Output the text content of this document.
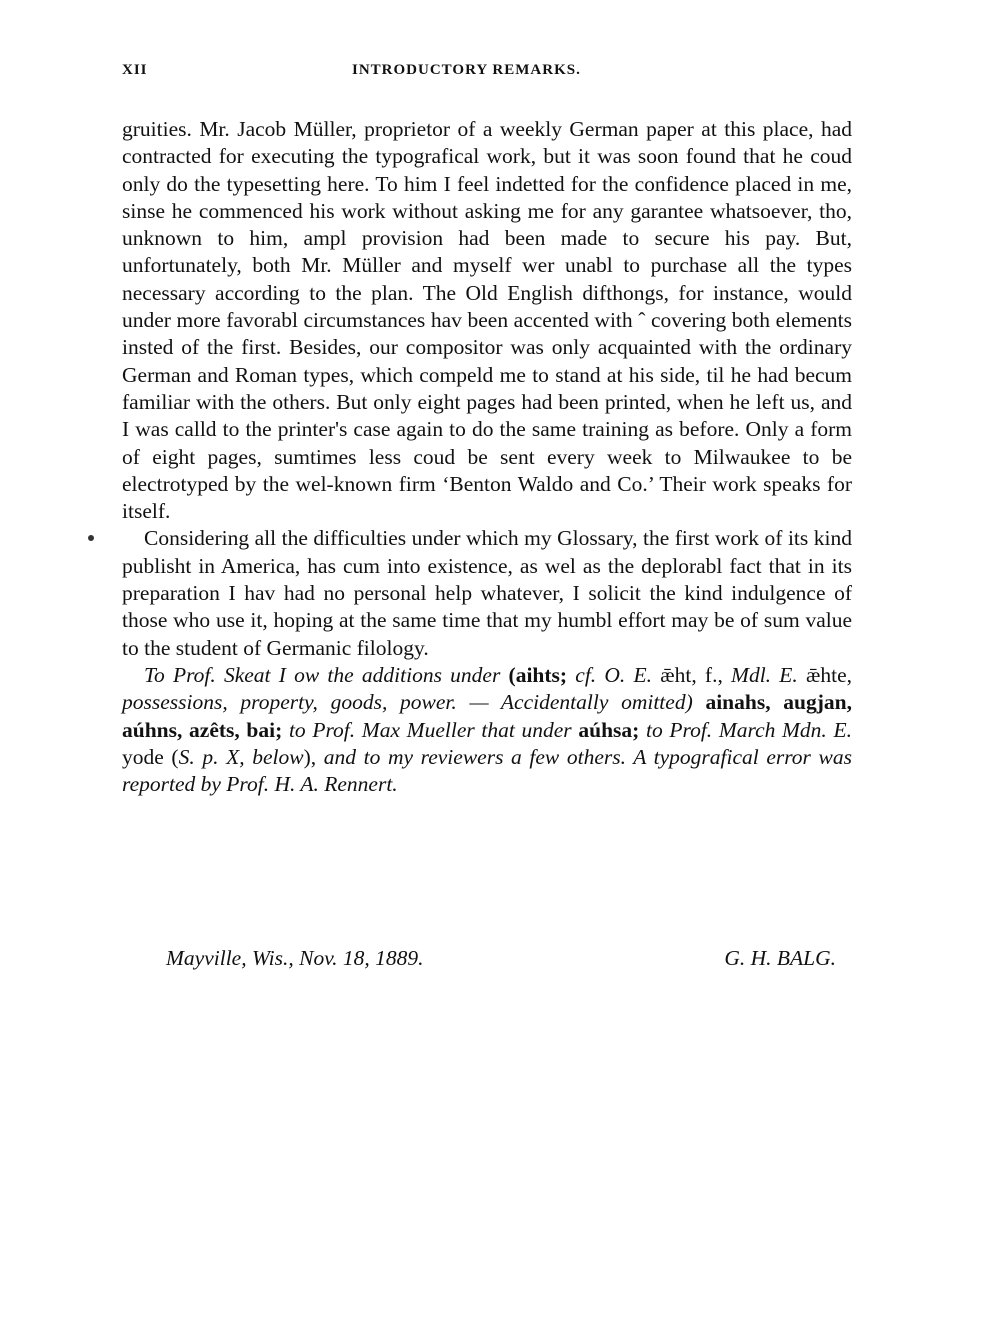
XII	INTRODUCTORY REMARKS.

gruities. Mr. Jacob Müller, proprietor of a weekly German paper at this place, had contracted for executing the typografical work, but it was soon found that he coud only do the typesetting here. To him I feel indetted for the confidence placed in me, sinse he commenced his work without asking me for any garantee whatsoever, tho, unknown to him, ampl provision had been made to secure his pay. But, unfortunately, both Mr. Müller and myself wer unabl to purchase all the types necessary according to the plan. The Old English difthongs, for instance, would under more favorabl circumstances hav been accented with ˆ covering both elements insted of the first. Besides, our compositor was only acquainted with the ordinary German and Roman types, which compeld me to stand at his side, til he had becum familiar with the others. But only eight pages had been printed, when he left us, and I was calld to the printer's case again to do the same training as before. Only a form of eight pages, sumtimes less coud be sent every week to Milwaukee to be electrotyped by the wel-known firm ‘Benton Waldo and Co.’ Their work speaks for itself.

Considering all the difficulties under which my Glossary, the first work of its kind publisht in America, has cum into existence, as wel as the deplorabl fact that in its preparation I hav had no personal help whatever, I solicit the kind indulgence of those who use it, hoping at the same time that my humbl effort may be of sum value to the student of Germanic filology.

To Prof. Skeat I ow the additions under (aihts; cf. O. E. ǣht, f., Mdl. E. ǣhte, possessions, property, goods, power. — Accidentally omitted) ainahs, augjan, aúhns, azêts, bai; to Prof. Max Mueller that under aúhsa; to Prof. March Mdn. E. yode (S. p. X, below), and to my reviewers a few others. A typografical error was reported by Prof. H. A. Rennert.

Mayville, Wis., Nov. 18, 1889.	G. H. BALG.
